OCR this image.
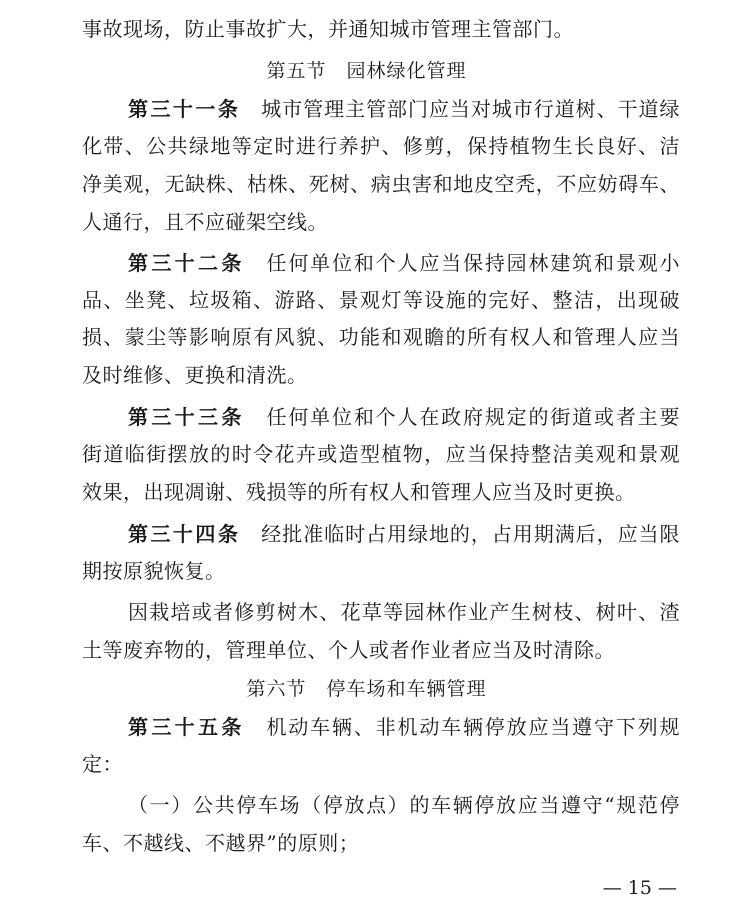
事故现场，防止事故扩大，并通知城市管理主管部门。
第五节　园林绿化管理
第三十一条　 城市管理主管部门应当对城市行道树、干道绿
化带、公共绿地等定时进行养护、修剪，保持植物生长良好、洁
净美观，无缺株、枯株、死树、病虫害和地皮空秃，不应妨碍车、
人通行，且不应碰架空线。
第三十二条　 任何单位和个人应当保持园林建筑和景观小
品、坐凳、垃圾箱、游路、景观灯等设施的完好、整洁，出现破
损、蒙尘等影响原有风貌、功能和观瞻的所有权人和管理人应当
及时维修、更换和清洗。
第三十三条　 任何单位和个人在政府规定的街道或者主要
街道临街摆放的时令花卉或造型植物，应当保持整洁美观和景观
效果，出现凋谢、残损等的所有权人和管理人应当及时更换。
第三十四条　 经批准临时占用绿地的，占用期满后，应当限
期按原貌恢复。
因栽培或者修剪树木、花草等园林作业产生树枝、树叶、渣
土等废弃物的，管理单位、个人或者作业者应当及时清除。
第六节　停车场和车辆管理
第三十五条　 机动车辆、非机动车辆停放应当遵守下列规
定：
（一）公共停车场（停放点）的车辆停放应当遵守“规范停
车、不越线、不越界”的原则；
— 15 —
